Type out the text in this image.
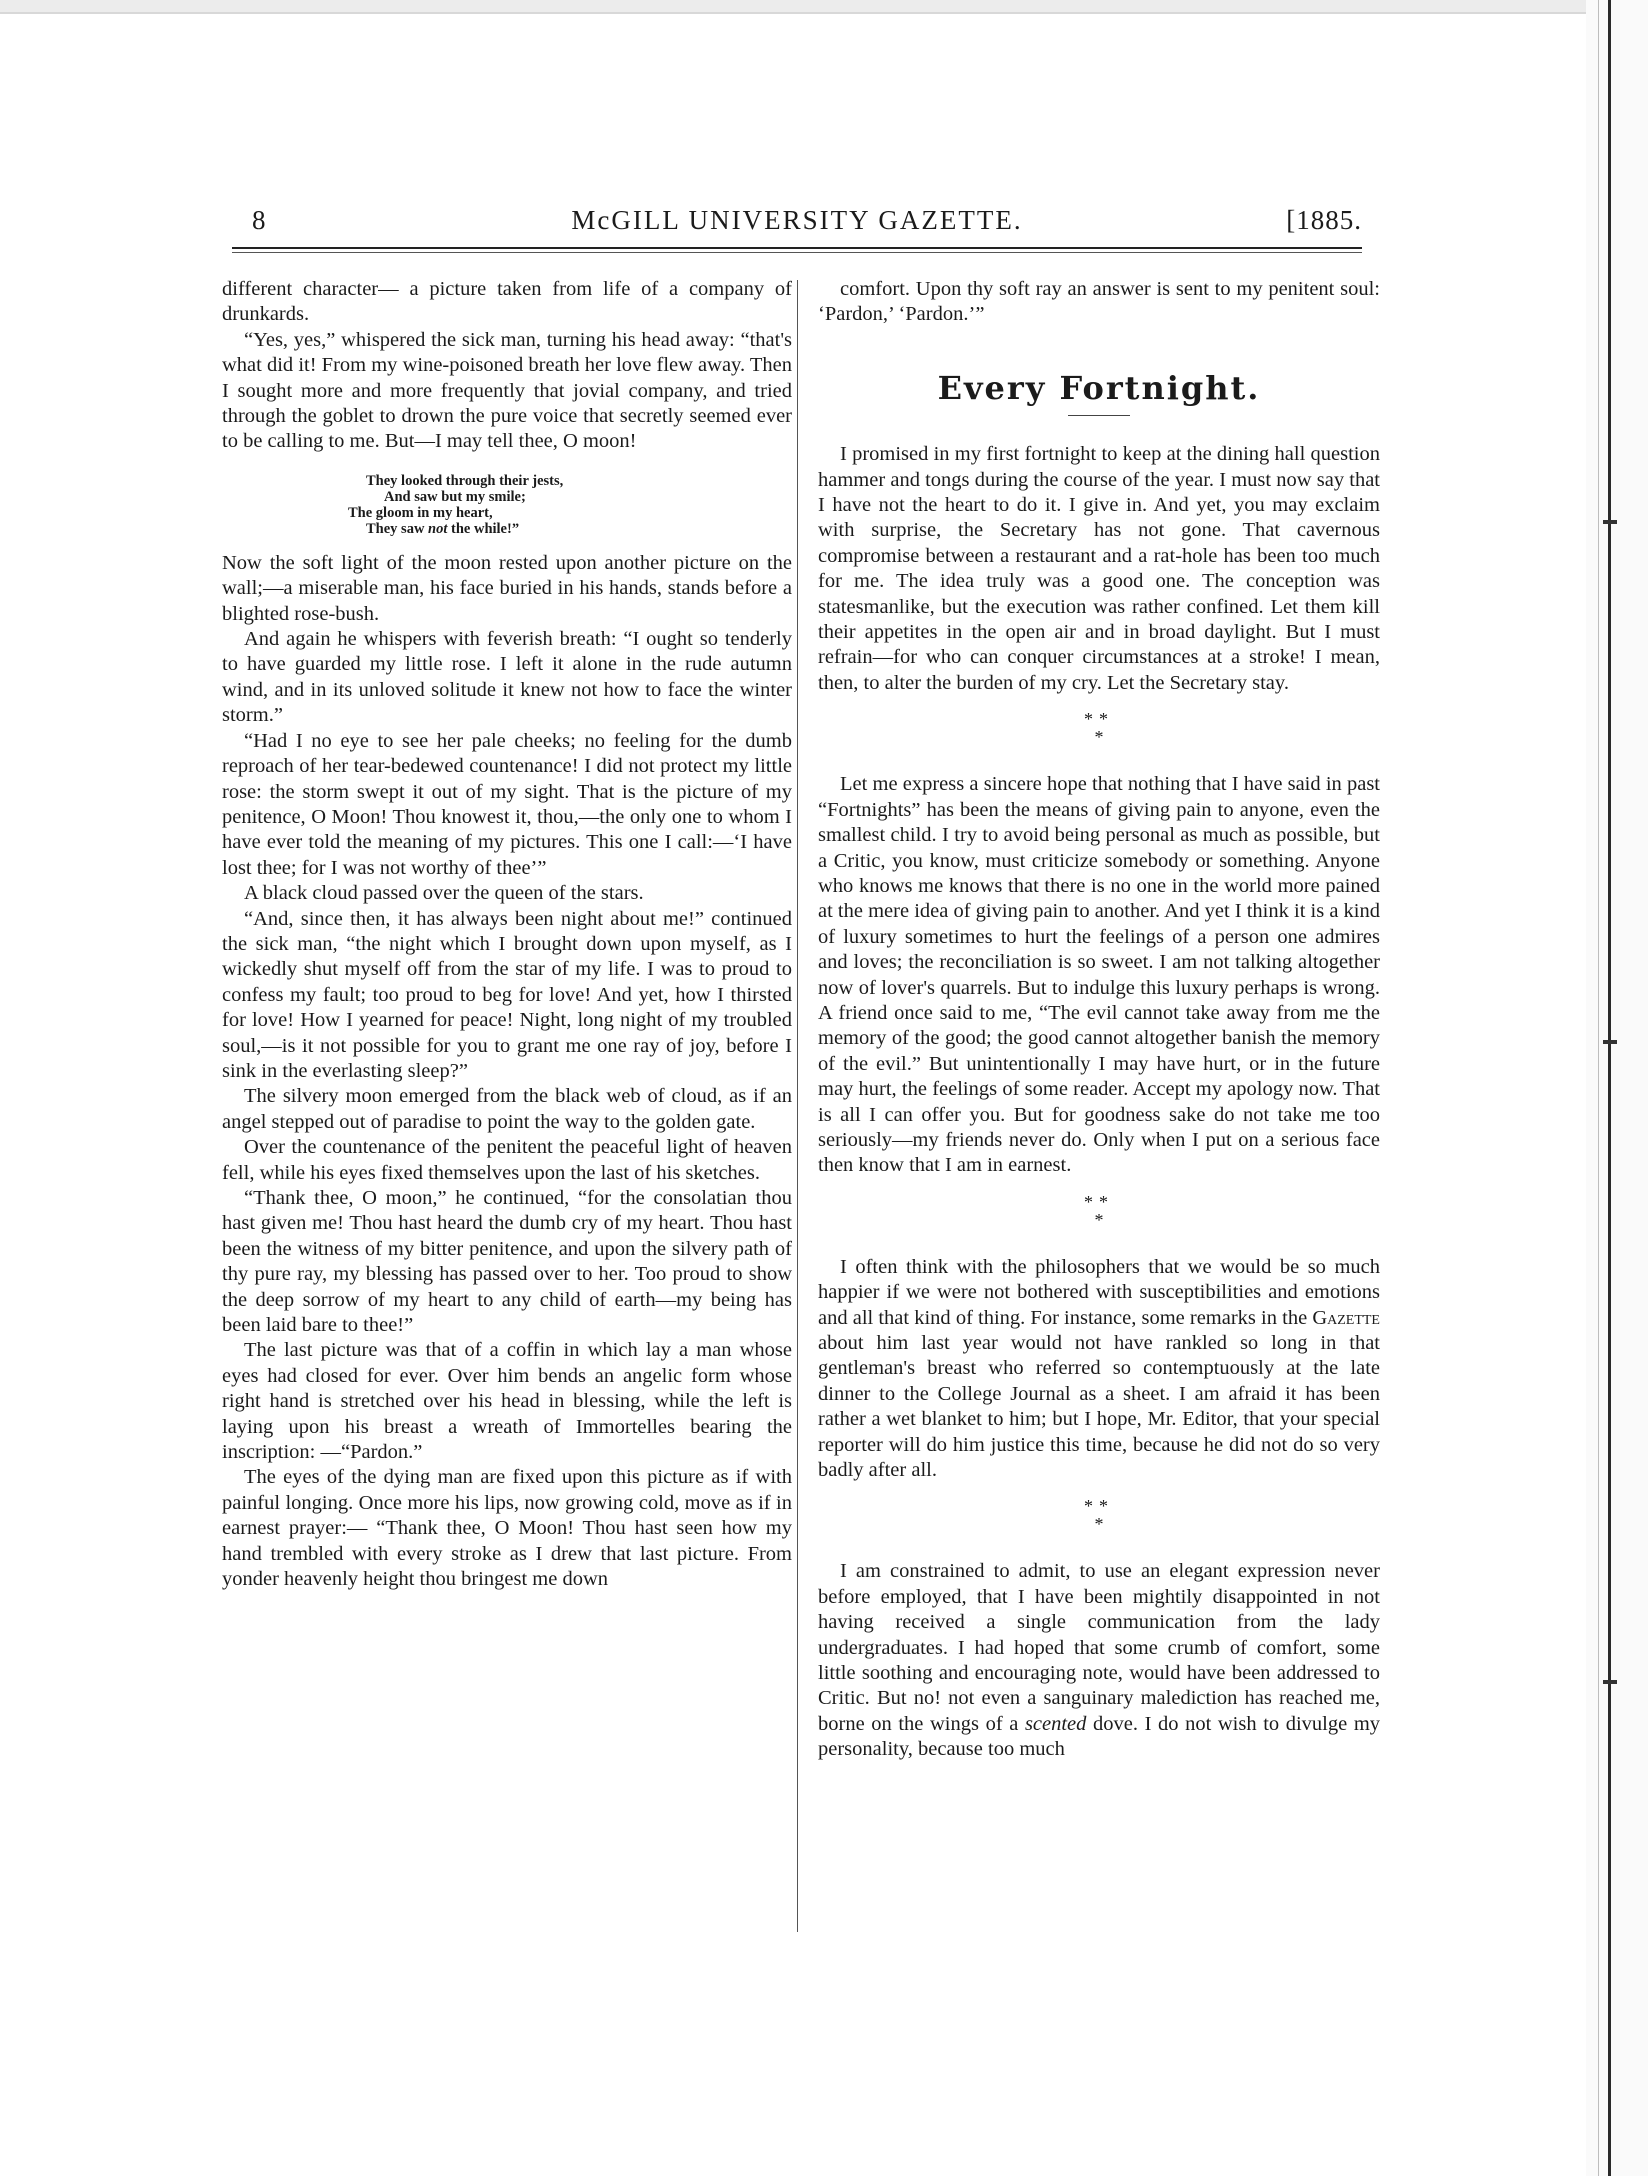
8	McGILL UNIVERSITY GAZETTE.	[1885.

different character— a picture taken from life of a company of drunkards.

“Yes, yes,” whispered the sick man, turning his head away: “that's what did it! From my wine-poisoned breath her love flew away. Then I sought more and more frequently that jovial company, and tried through the goblet to drown the pure voice that secretly seemed ever to be calling to me. But—I may tell thee, O moon!

They looked through their jests,
And saw but my smile;
The gloom in my heart,
They saw not the while!”

Now the soft light of the moon rested upon another picture on the wall;—a miserable man, his face buried in his hands, stands before a blighted rose-bush.

And again he whispers with feverish breath: “I ought so tenderly to have guarded my little rose. I left it alone in the rude autumn wind, and in its unloved solitude it knew not how to face the winter storm.”

“Had I no eye to see her pale cheeks; no feeling for the dumb reproach of her tear-bedewed countenance! I did not protect my little rose: the storm swept it out of my sight. That is the picture of my penitence, O Moon! Thou knowest it, thou,—the only one to whom I have ever told the meaning of my pictures. This one I call:—‘I have lost thee; for I was not worthy of thee’”

A black cloud passed over the queen of the stars.

“And, since then, it has always been night about me!” continued the sick man, “the night which I brought down upon myself, as I wickedly shut myself off from the star of my life. I was to proud to confess my fault; too proud to beg for love! And yet, how I thirsted for love! How I yearned for peace! Night, long night of my troubled soul,—is it not possible for you to grant me one ray of joy, before I sink in the everlasting sleep?”

The silvery moon emerged from the black web of cloud, as if an angel stepped out of paradise to point the way to the golden gate.

Over the countenance of the penitent the peaceful light of heaven fell, while his eyes fixed themselves upon the last of his sketches.

“Thank thee, O moon,” he continued, “for the consolatian thou hast given me! Thou hast heard the dumb cry of my heart. Thou hast been the witness of my bitter penitence, and upon the silvery path of thy pure ray, my blessing has passed over to her. Too proud to show the deep sorrow of my heart to any child of earth—my being has been laid bare to thee!”

The last picture was that of a coffin in which lay a man whose eyes had closed for ever. Over him bends an angelic form whose right hand is stretched over his head in blessing, while the left is laying upon his breast a wreath of Immortelles bearing the inscription: —“Pardon.”

The eyes of the dying man are fixed upon this picture as if with painful longing. Once more his lips, now growing cold, move as if in earnest prayer:— “Thank thee, O Moon! Thou hast seen how my hand trembled with every stroke as I drew that last picture. From yonder heavenly height thou bringest me down

comfort. Upon thy soft ray an answer is sent to my penitent soul: ‘Pardon,’ ‘Pardon.’”

Every Fortnight.

I promised in my first fortnight to keep at the dining hall question hammer and tongs during the course of the year. I must now say that I have not the heart to do it. I give in. And yet, you may exclaim with surprise, the Secretary has not gone. That cavernous compromise between a restaurant and a rat-hole has been too much for me. The idea truly was a good one. The conception was statesmanlike, but the execution was rather confined. Let them kill their appetites in the open air and in broad daylight. But I must refrain—for who can conquer circumstances at a stroke! I mean, then, to alter the burden of my cry. Let the Secretary stay.

**
*

Let me express a sincere hope that nothing that I have said in past “Fortnights” has been the means of giving pain to anyone, even the smallest child. I try to avoid being personal as much as possible, but a Critic, you know, must criticize somebody or something. Anyone who knows me knows that there is no one in the world more pained at the mere idea of giving pain to another. And yet I think it is a kind of luxury sometimes to hurt the feelings of a person one admires and loves; the reconciliation is so sweet. I am not talking altogether now of lover's quarrels. But to indulge this luxury perhaps is wrong. A friend once said to me, “The evil cannot take away from me the memory of the good; the good cannot altogether banish the memory of the evil.” But unintentionally I may have hurt, or in the future may hurt, the feelings of some reader. Accept my apology now. That is all I can offer you. But for goodness sake do not take me too seriously—my friends never do. Only when I put on a serious face then know that I am in earnest.

**
*

I often think with the philosophers that we would be so much happier if we were not bothered with susceptibilities and emotions and all that kind of thing. For instance, some remarks in the Gazette about him last year would not have rankled so long in that gentleman's breast who referred so contemptuously at the late dinner to the College Journal as a sheet. I am afraid it has been rather a wet blanket to him; but I hope, Mr. Editor, that your special reporter will do him justice this time, because he did not do so very badly after all.

**
*

I am constrained to admit, to use an elegant expression never before employed, that I have been mightily disappointed in not having received a single communication from the lady undergraduates. I had hoped that some crumb of comfort, some little soothing and encouraging note, would have been addressed to Critic. But no! not even a sanguinary malediction has reached me, borne on the wings of a scented dove. I do not wish to divulge my personality, because too much
